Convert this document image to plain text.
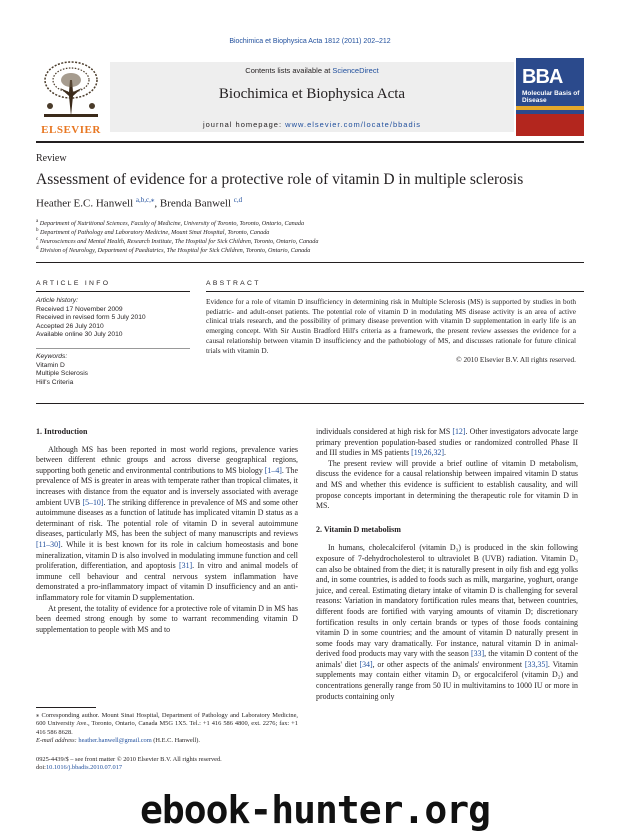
Biochimica et Biophysica Acta 1812 (2011) 202–212
ELSEVIER
Contents lists available at ScienceDirect
Biochimica et Biophysica Acta
journal homepage: www.elsevier.com/locate/bbadis
BBA
Molecular Basis of Disease
Review
Assessment of evidence for a protective role of vitamin D in multiple sclerosis
Heather E.C. Hanwell $^{a,b,c,⁎}$, Brenda Banwell $^{c,d}$
$^a$ Department of Nutritional Sciences, Faculty of Medicine, University of Toronto, Toronto, Ontario, Canada
$^b$ Department of Pathology and Laboratory Medicine, Mount Sinai Hospital, Toronto, Canada
$^c$ Neurosciences and Mental Health, Research Institute, The Hospital for Sick Children, Toronto, Ontario, Canada
$^d$ Division of Neurology, Department of Paediatrics, The Hospital for Sick Children, Toronto, Ontario, Canada
ARTICLE INFO	ABSTRACT
Article history:
Received 17 November 2009
Received in revised form 5 July 2010
Accepted 26 July 2010
Available online 30 July 2010
Keywords:
Vitamin D
Multiple Sclerosis
Hill's Criteria
Evidence for a role of vitamin D insufficiency in determining risk in Multiple Sclerosis (MS) is supported by studies in both pediatric- and adult-onset patients. The potential role of vitamin D in modulating MS disease activity is an area of active clinical trials research, and the possibility of primary disease prevention with vitamin D supplementation in early life is an emerging concept. With Sir Austin Bradford Hill's criteria as a framework, the present review assesses the evidence for a causal relationship between vitamin D insufficiency and the pathobiology of MS, and discusses rationale for future clinical trials with vitamin D.
© 2010 Elsevier B.V. All rights reserved.

1. Introduction

Although MS has been reported in most world regions, prevalence varies between different ethnic groups and across diverse geographical regions, supporting both genetic and environmental contributions to MS biology [1–4]. The prevalence of MS is greater in areas with temperate rather than tropical climates, it increases with distance from the equator and is inversely associated with average ambient UVB [5–10]. The striking difference in prevalence of MS and some other autoimmune diseases as a function of latitude has implicated vitamin D status as a determinant of risk. The potential role of vitamin D in several autoimmune diseases, particularly MS, has been the subject of many manuscripts and reviews [11–30]. While it is best known for its role in calcium homeostasis and bone mineralization, vitamin D is also involved in modulating immune function and cell proliferation, differentiation, and apoptosis [31]. In vitro and animal models of immune cell behaviour and central nervous system inflammation have demonstrated a pro-inflammatory impact of vitamin D insufficiency and an anti-inflammatory role for vitamin D supplementation.

At present, the totality of evidence for a protective role of vitamin D in MS has been deemed strong enough by some to warrant recommending vitamin D supplementation to people with MS and to

⁎ Corresponding author. Mount Sinai Hospital, Department of Pathology and Laboratory Medicine, 600 University Ave., Toronto, Ontario, Canada M5G 1X5. Tel.: +1 416 586 4800, ext. 2276; fax: +1 416 586 8628.
E-mail address: heather.hanwell@gmail.com (H.E.C. Hanwell).
0925-4439/$ – see front matter © 2010 Elsevier B.V. All rights reserved.
doi:10.1016/j.bbadis.2010.07.017

individuals considered at high risk for MS [12]. Other investigators advocate large primary prevention population-based studies or randomized controlled Phase II and III studies in MS patients [19,26,32].

The present review will provide a brief outline of vitamin D metabolism, discuss the evidence for a causal relationship between impaired vitamin D status and MS and whether this evidence is sufficient to establish causality, and will propose concepts important in determining the therapeutic role for vitamin D in MS.

2. Vitamin D metabolism

In humans, cholecalciferol (vitamin D₃) is produced in the skin following exposure of 7-dehydrocholesterol to ultraviolet B (UVB) radiation. Vitamin D₃ can also be obtained from the diet; it is naturally present in oily fish and egg yolks and, in some countries, is added to foods such as milk, margarine, yoghurt, orange juice, and cereal. Estimating dietary intake of vitamin D is challenging for several reasons: Variation in mandatory fortification rules means that, between countries, different foods are fortified with varying amounts of vitamin D; discretionary fortification results in only certain brands or types of those foods containing vitamin D in some countries; and the amount of vitamin D naturally present in some foods may vary dramatically. For instance, natural vitamin D in animal-derived food products may vary with the season [33], the vitamin D content of the animals' diet [34], or other aspects of the animals' environment [33,35]. Vitamin supplements may contain either vitamin D₃ or ergocalciferol (vitamin D₂) and concentrations generally range from 50 IU in multivitamins to 1000 IU or more in products containing only

ebook-hunter.org
